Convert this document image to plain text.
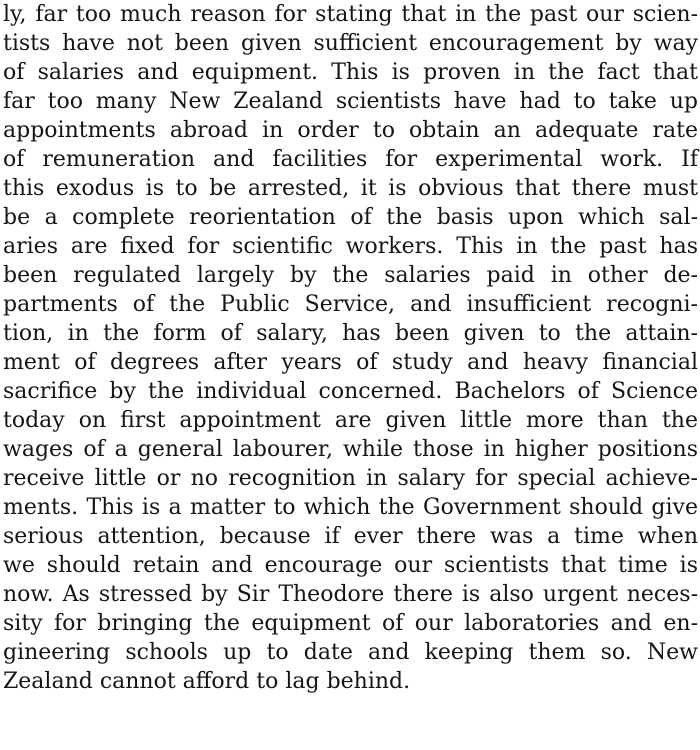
ly, far too much reason for stating that in the past our scien-
tists have not been given sufficient encouragement by way
of salaries and equipment. This is proven in the fact that
far too many New Zealand scientists have had to take up
appointments abroad in order to obtain an adequate rate
of remuneration and facilities for experimental work. If
this exodus is to be arrested, it is obvious that there must
be a complete reorientation of the basis upon which sal-
aries are fixed for scientific workers. This in the past has
been regulated largely by the salaries paid in other de-
partments of the Public Service, and insufficient recogni-
tion, in the form of salary, has been given to the attain-
ment of degrees after years of study and heavy financial
sacrifice by the individual concerned. Bachelors of Science
today on first appointment are given little more than the
wages of a general labourer, while those in higher positions
receive little or no recognition in salary for special achieve-
ments. This is a matter to which the Government should give
serious attention, because if ever there was a time when
we should retain and encourage our scientists that time is
now. As stressed by Sir Theodore there is also urgent neces-
sity for bringing the equipment of our laboratories and en-
gineering schools up to date and keeping them so. New
Zealand cannot afford to lag behind.
